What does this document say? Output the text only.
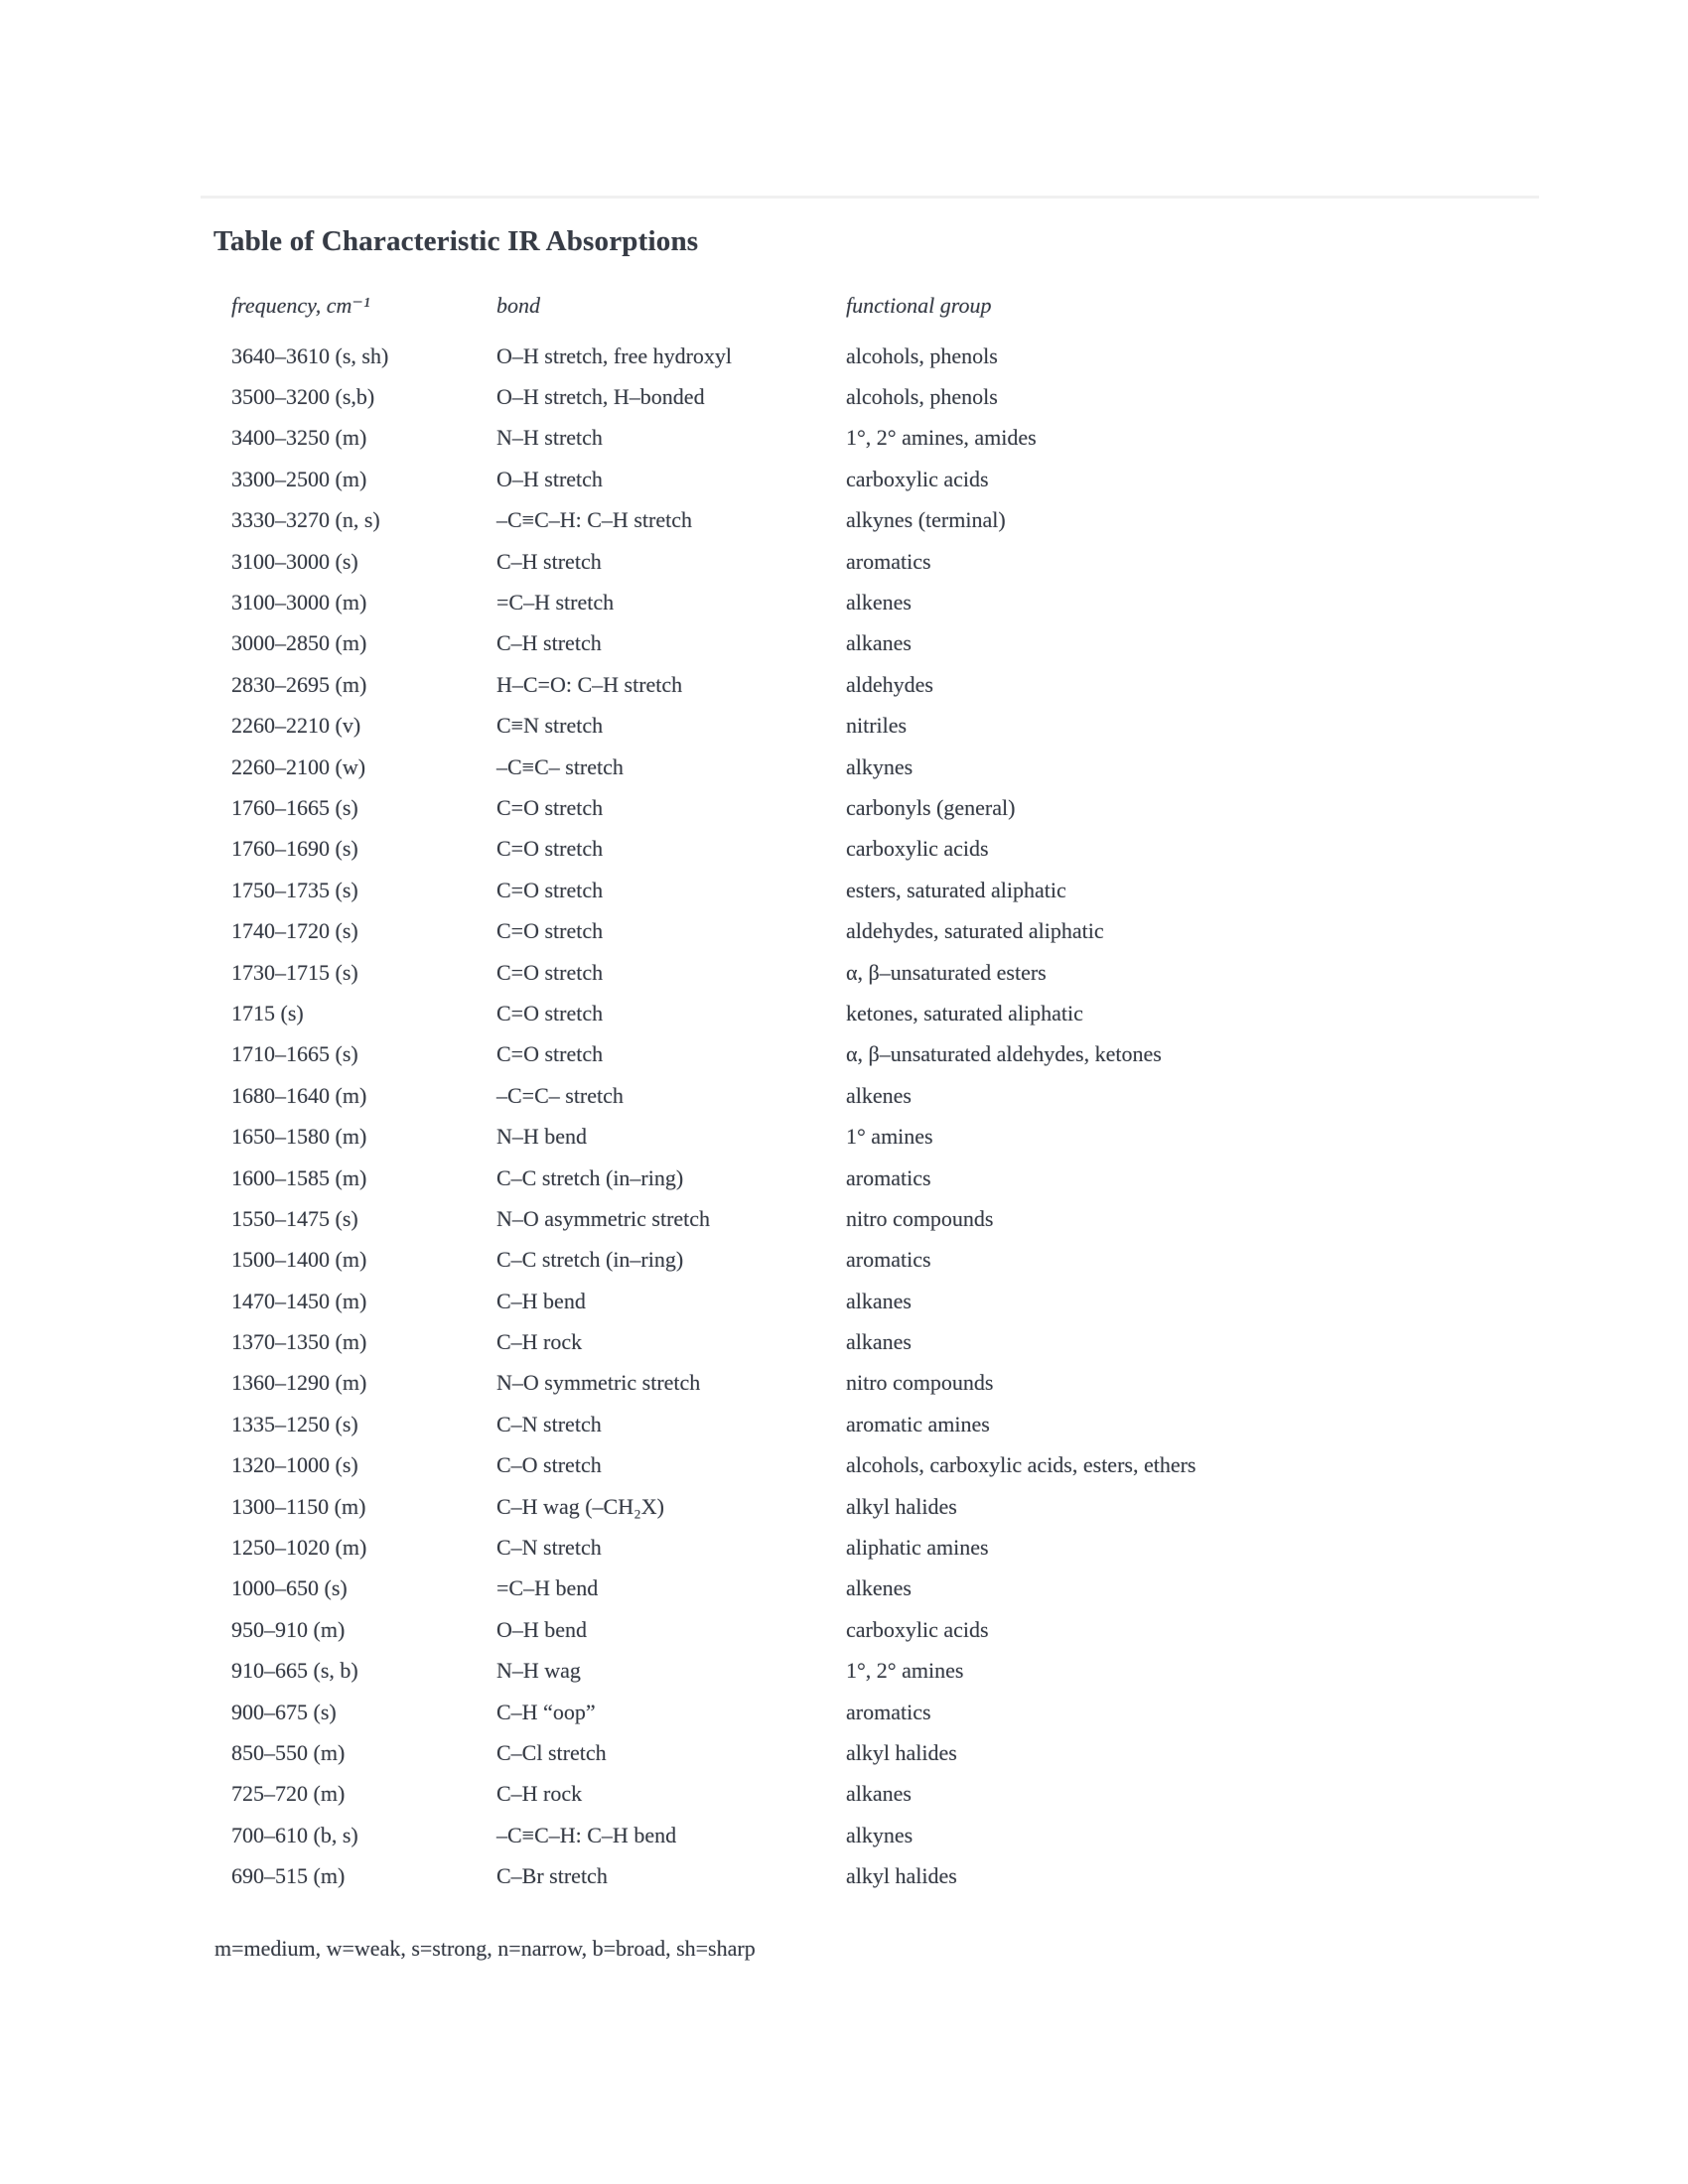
Table of Characteristic IR Absorptions
frequency, cm⁻¹	bond	functional group
3640–3610 (s, sh)	O–H stretch, free hydroxyl	alcohols, phenols
3500–3200 (s,b)	O–H stretch, H–bonded	alcohols, phenols
3400–3250 (m)	N–H stretch	1°, 2° amines, amides
3300–2500 (m)	O–H stretch	carboxylic acids
3330–3270 (n, s)	–C≡C–H: C–H stretch	alkynes (terminal)
3100–3000 (s)	C–H stretch	aromatics
3100–3000 (m)	=C–H stretch	alkenes
3000–2850 (m)	C–H stretch	alkanes
2830–2695 (m)	H–C=O: C–H stretch	aldehydes
2260–2210 (v)	C≡N stretch	nitriles
2260–2100 (w)	–C≡C– stretch	alkynes
1760–1665 (s)	C=O stretch	carbonyls (general)
1760–1690 (s)	C=O stretch	carboxylic acids
1750–1735 (s)	C=O stretch	esters, saturated aliphatic
1740–1720 (s)	C=O stretch	aldehydes, saturated aliphatic
1730–1715 (s)	C=O stretch	α, β–unsaturated esters
1715 (s)	C=O stretch	ketones, saturated aliphatic
1710–1665 (s)	C=O stretch	α, β–unsaturated aldehydes, ketones
1680–1640 (m)	–C=C– stretch	alkenes
1650–1580 (m)	N–H bend	1° amines
1600–1585 (m)	C–C stretch (in–ring)	aromatics
1550–1475 (s)	N–O asymmetric stretch	nitro compounds
1500–1400 (m)	C–C stretch (in–ring)	aromatics
1470–1450 (m)	C–H bend	alkanes
1370–1350 (m)	C–H rock	alkanes
1360–1290 (m)	N–O symmetric stretch	nitro compounds
1335–1250 (s)	C–N stretch	aromatic amines
1320–1000 (s)	C–O stretch	alcohols, carboxylic acids, esters, ethers
1300–1150 (m)	C–H wag (–CH₂X)	alkyl halides
1250–1020 (m)	C–N stretch	aliphatic amines
1000–650 (s)	=C–H bend	alkenes
950–910 (m)	O–H bend	carboxylic acids
910–665 (s, b)	N–H wag	1°, 2° amines
900–675 (s)	C–H “oop”	aromatics
850–550 (m)	C–Cl stretch	alkyl halides
725–720 (m)	C–H rock	alkanes
700–610 (b, s)	–C≡C–H: C–H bend	alkynes
690–515 (m)	C–Br stretch	alkyl halides
m=medium, w=weak, s=strong, n=narrow, b=broad, sh=sharp
